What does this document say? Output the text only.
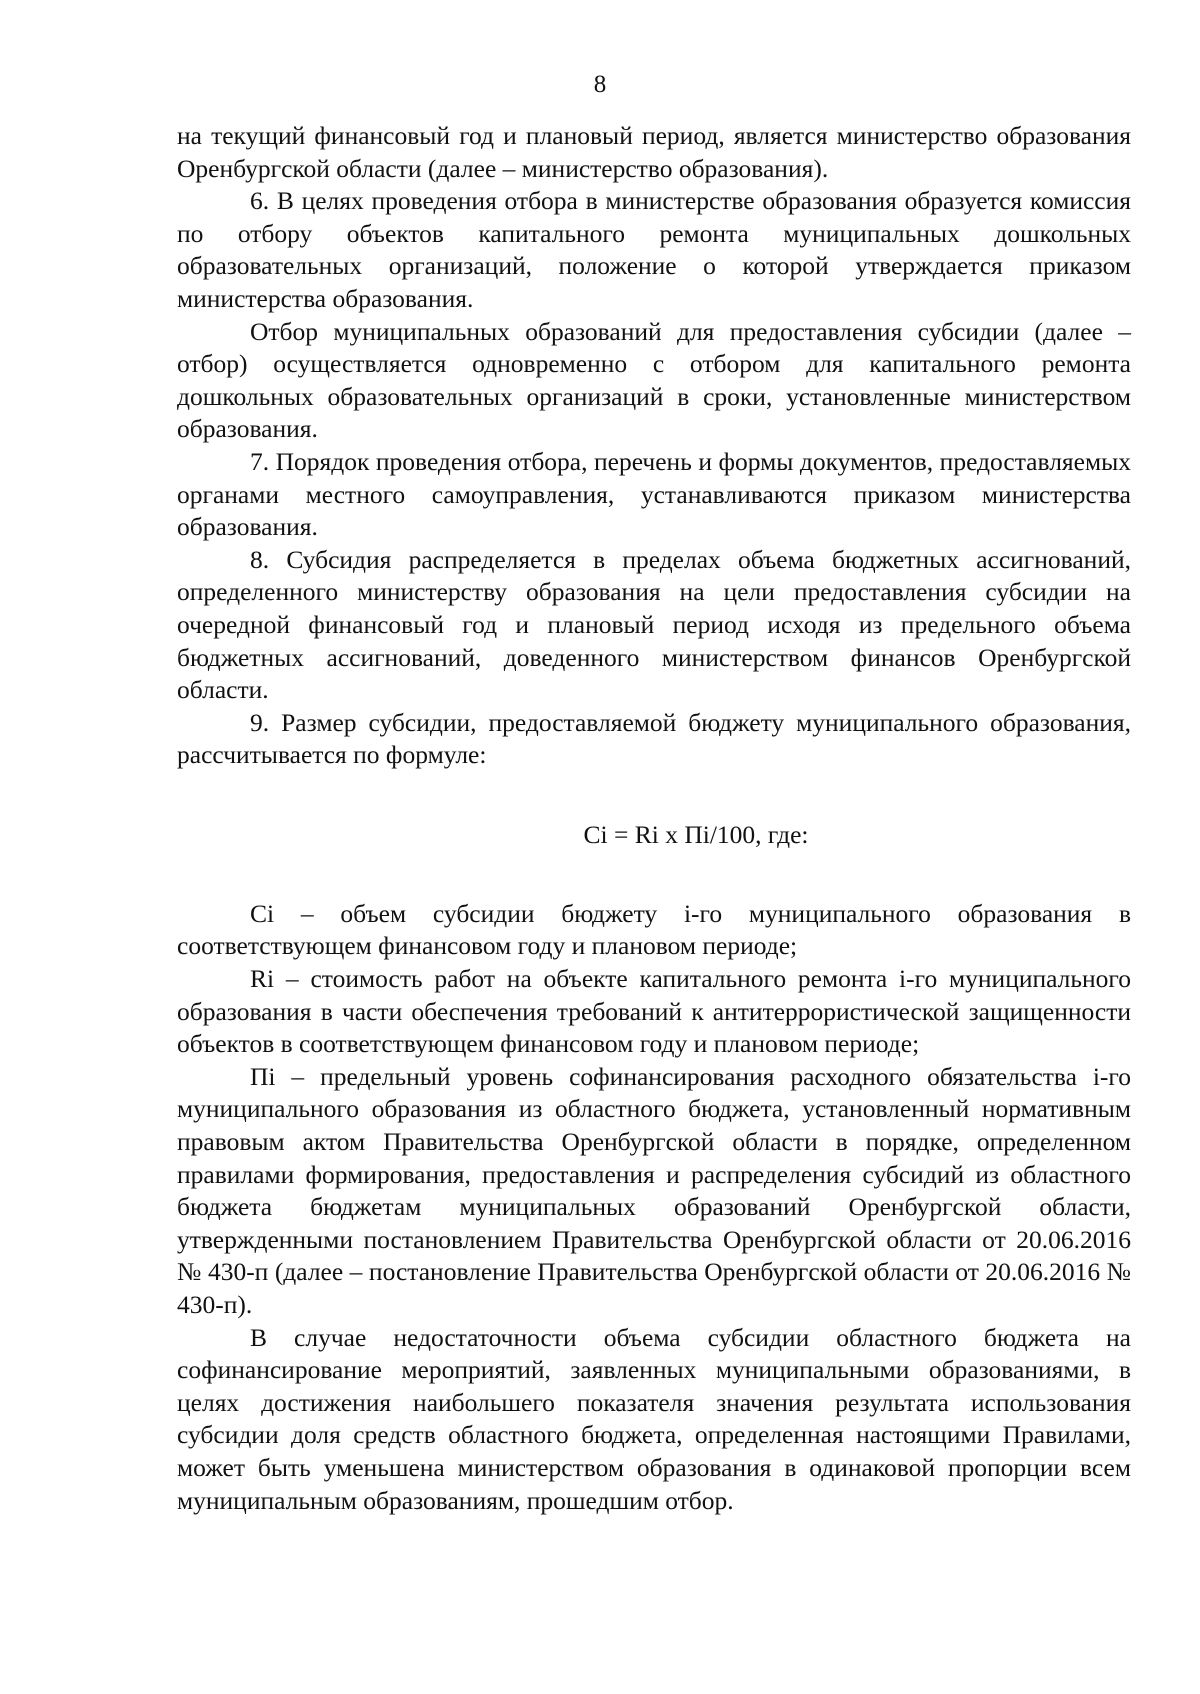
8

на текущий финансовый год и плановый период, является министерство образования Оренбургской области (далее – министерство образования).

6. В целях проведения отбора в министерстве образования образуется комиссия по отбору объектов капитального ремонта муниципальных дошкольных образовательных организаций, положение о которой утверждается приказом министерства образования.

Отбор муниципальных образований для предоставления субсидии (далее – отбор) осуществляется одновременно с отбором для капитального ремонта дошкольных образовательных организаций в сроки, установленные министерством образования.

7. Порядок проведения отбора, перечень и формы документов, предоставляемых органами местного самоуправления, устанавливаются приказом министерства образования.

8. Субсидия распределяется в пределах объема бюджетных ассигнований, определенного министерству образования на цели предоставления субсидии на очередной финансовый год и плановый период исходя из предельного объема бюджетных ассигнований, доведенного министерством финансов Оренбургской области.

9. Размер субсидии, предоставляемой бюджету муниципального образования, рассчитывается по формуле:

Сi = Ri x Пi/100, где:

Сi – объем субсидии бюджету i-го муниципального образования в соответствующем финансовом году и плановом периоде;

Ri – стоимость работ на объекте капитального ремонта i-го муниципального образования в части обеспечения требований к антитеррористической защищенности объектов в соответствующем финансовом году и плановом периоде;

Пi – предельный уровень софинансирования расходного обязательства i-го муниципального образования из областного бюджета, установленный нормативным правовым актом Правительства Оренбургской области в порядке, определенном правилами формирования, предоставления и распределения субсидий из областного бюджета бюджетам муниципальных образований Оренбургской области, утвержденными постановлением Правительства Оренбургской области от 20.06.2016 № 430-п (далее – постановление Правительства Оренбургской области от 20.06.2016 № 430-п).

В случае недостаточности объема субсидии областного бюджета на софинансирование мероприятий, заявленных муниципальными образованиями, в целях достижения наибольшего показателя значения результата использования субсидии доля средств областного бюджета, определенная настоящими Правилами, может быть уменьшена министерством образования в одинаковой пропорции всем муниципальным образованиям, прошедшим отбор.
